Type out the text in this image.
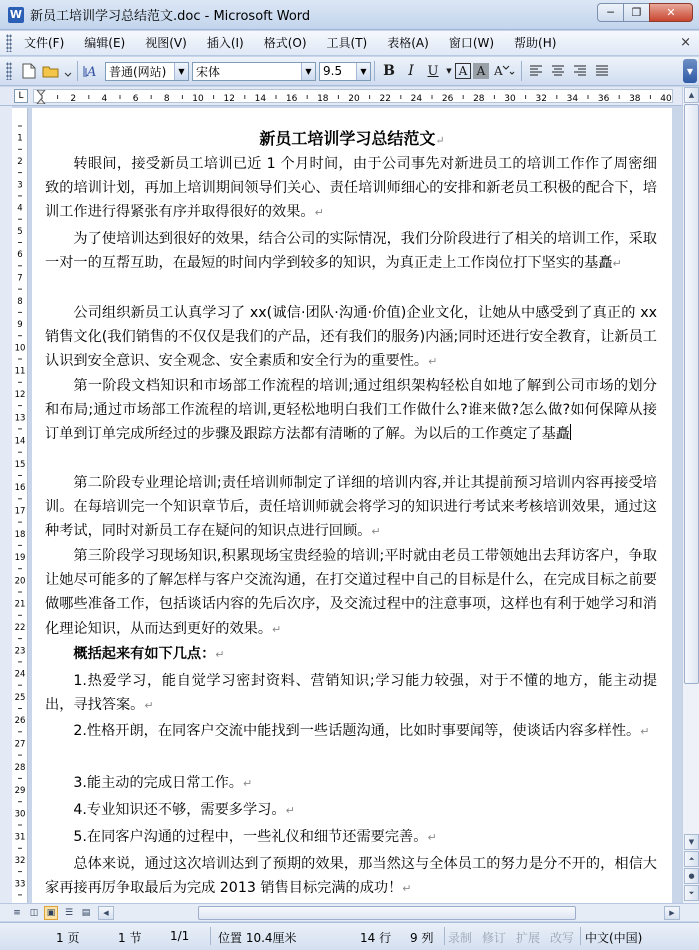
W 新员工培训学习总结范文.doc - Microsoft Word	─	❐	✕
文件(F)	编辑(E)	视图(V)	插入(I)	格式(O)	工具(T)	表格(A)	窗口(W)	帮助(H)	×
A 普通(网站)	▼ 宋体	▼ 9.5	▼ B I	U	▼ A A A	▼
L	2	4	6	8	10 12 14 16 18 20 22 24 26 28 30 32 34 36 38 40
1
2
3
4
5
6
7
8
9
10
11
12
13
14
15
16
17
18
19
20
21
22
23
24
25
26
27
28
29
30
31
32
33
新员工培训学习总结范文↵
转眼间，接受新员工培训已近 1 个月时间，由于公司事先对新进员工的培训工作作了周密细致的培训计划，再加上培训期间领导们关心、责任培训师细心的安排和新老员工积极的配合下，培训工作进行得紧张有序并取得很好的效果。↵
为了使培训达到很好的效果，结合公司的实际情况，我们分阶段进行了相关的培训工作，采取一对一的互帮互助，在最短的时间内学到较多的知识，为真正走上工作岗位打下坚实的基矗↵
公司组织新员工认真学习了 xx(诚信·团队·沟通·价值)企业文化，让她从中感受到了真正的 xx 销售文化(我们销售的不仅仅是我们的产品，还有我们的服务)内涵;同时还进行安全教育，让新员工认识到安全意识、安全观念、安全素质和安全行为的重要性。↵
第一阶段文档知识和市场部工作流程的培训;通过组织架构轻松自如地了解到公司市场的划分和布局;通过市场部工作流程的培训,更轻松地明白我们工作做什么?谁来做?怎么做?如何保障从接订单到订单完成所经过的步骤及跟踪方法都有清晰的了解。为以后的工作奠定了基矗
第二阶段专业理论培训;责任培训师制定了详细的培训内容,并让其提前预习培训内容再接受培训。在每培训完一个知识章节后，责任培训师就会将学习的知识进行考试来考核培训效果，通过这种考试，同时对新员工存在疑问的知识点进行回顾。↵
第三阶段学习现场知识,积累现场宝贵经验的培训;平时就由老员工带领她出去拜访客户，争取让她尽可能多的了解怎样与客户交流沟通，在打交道过程中自己的目标是什么，在完成目标之前要做哪些准备工作，包括谈话内容的先后次序，及交流过程中的注意事项，这样也有利于她学习和消化理论知识，从而达到更好的效果。↵
概括起来有如下几点：↵
1.热爱学习，能自觉学习密封资料、营销知识;学习能力较强，对于不懂的地方，能主动提出，寻找答案。↵
2.性格开朗，在同客户交流中能找到一些话题沟通，比如时事要闻等，使谈话内容多样性。↵
3.能主动的完成日常工作。↵
4.专业知识还不够，需要多学习。↵
5.在同客户沟通的过程中，一些礼仪和细节还需要完善。↵
总体来说，通过这次培训达到了预期的效果，那当然这与全体员工的努力是分不开的，相信大家再接再厉争取最后为完成 2013 销售目标完满的成功！↵
▲
▼
⏶
●
⏷
≡ ◫ ▣	☰ ▤	◀	▶
1 页	1 节 1/1 位置 10.4厘米	14 行 9 列 录制 修订 扩展 改写 中文(中国)
